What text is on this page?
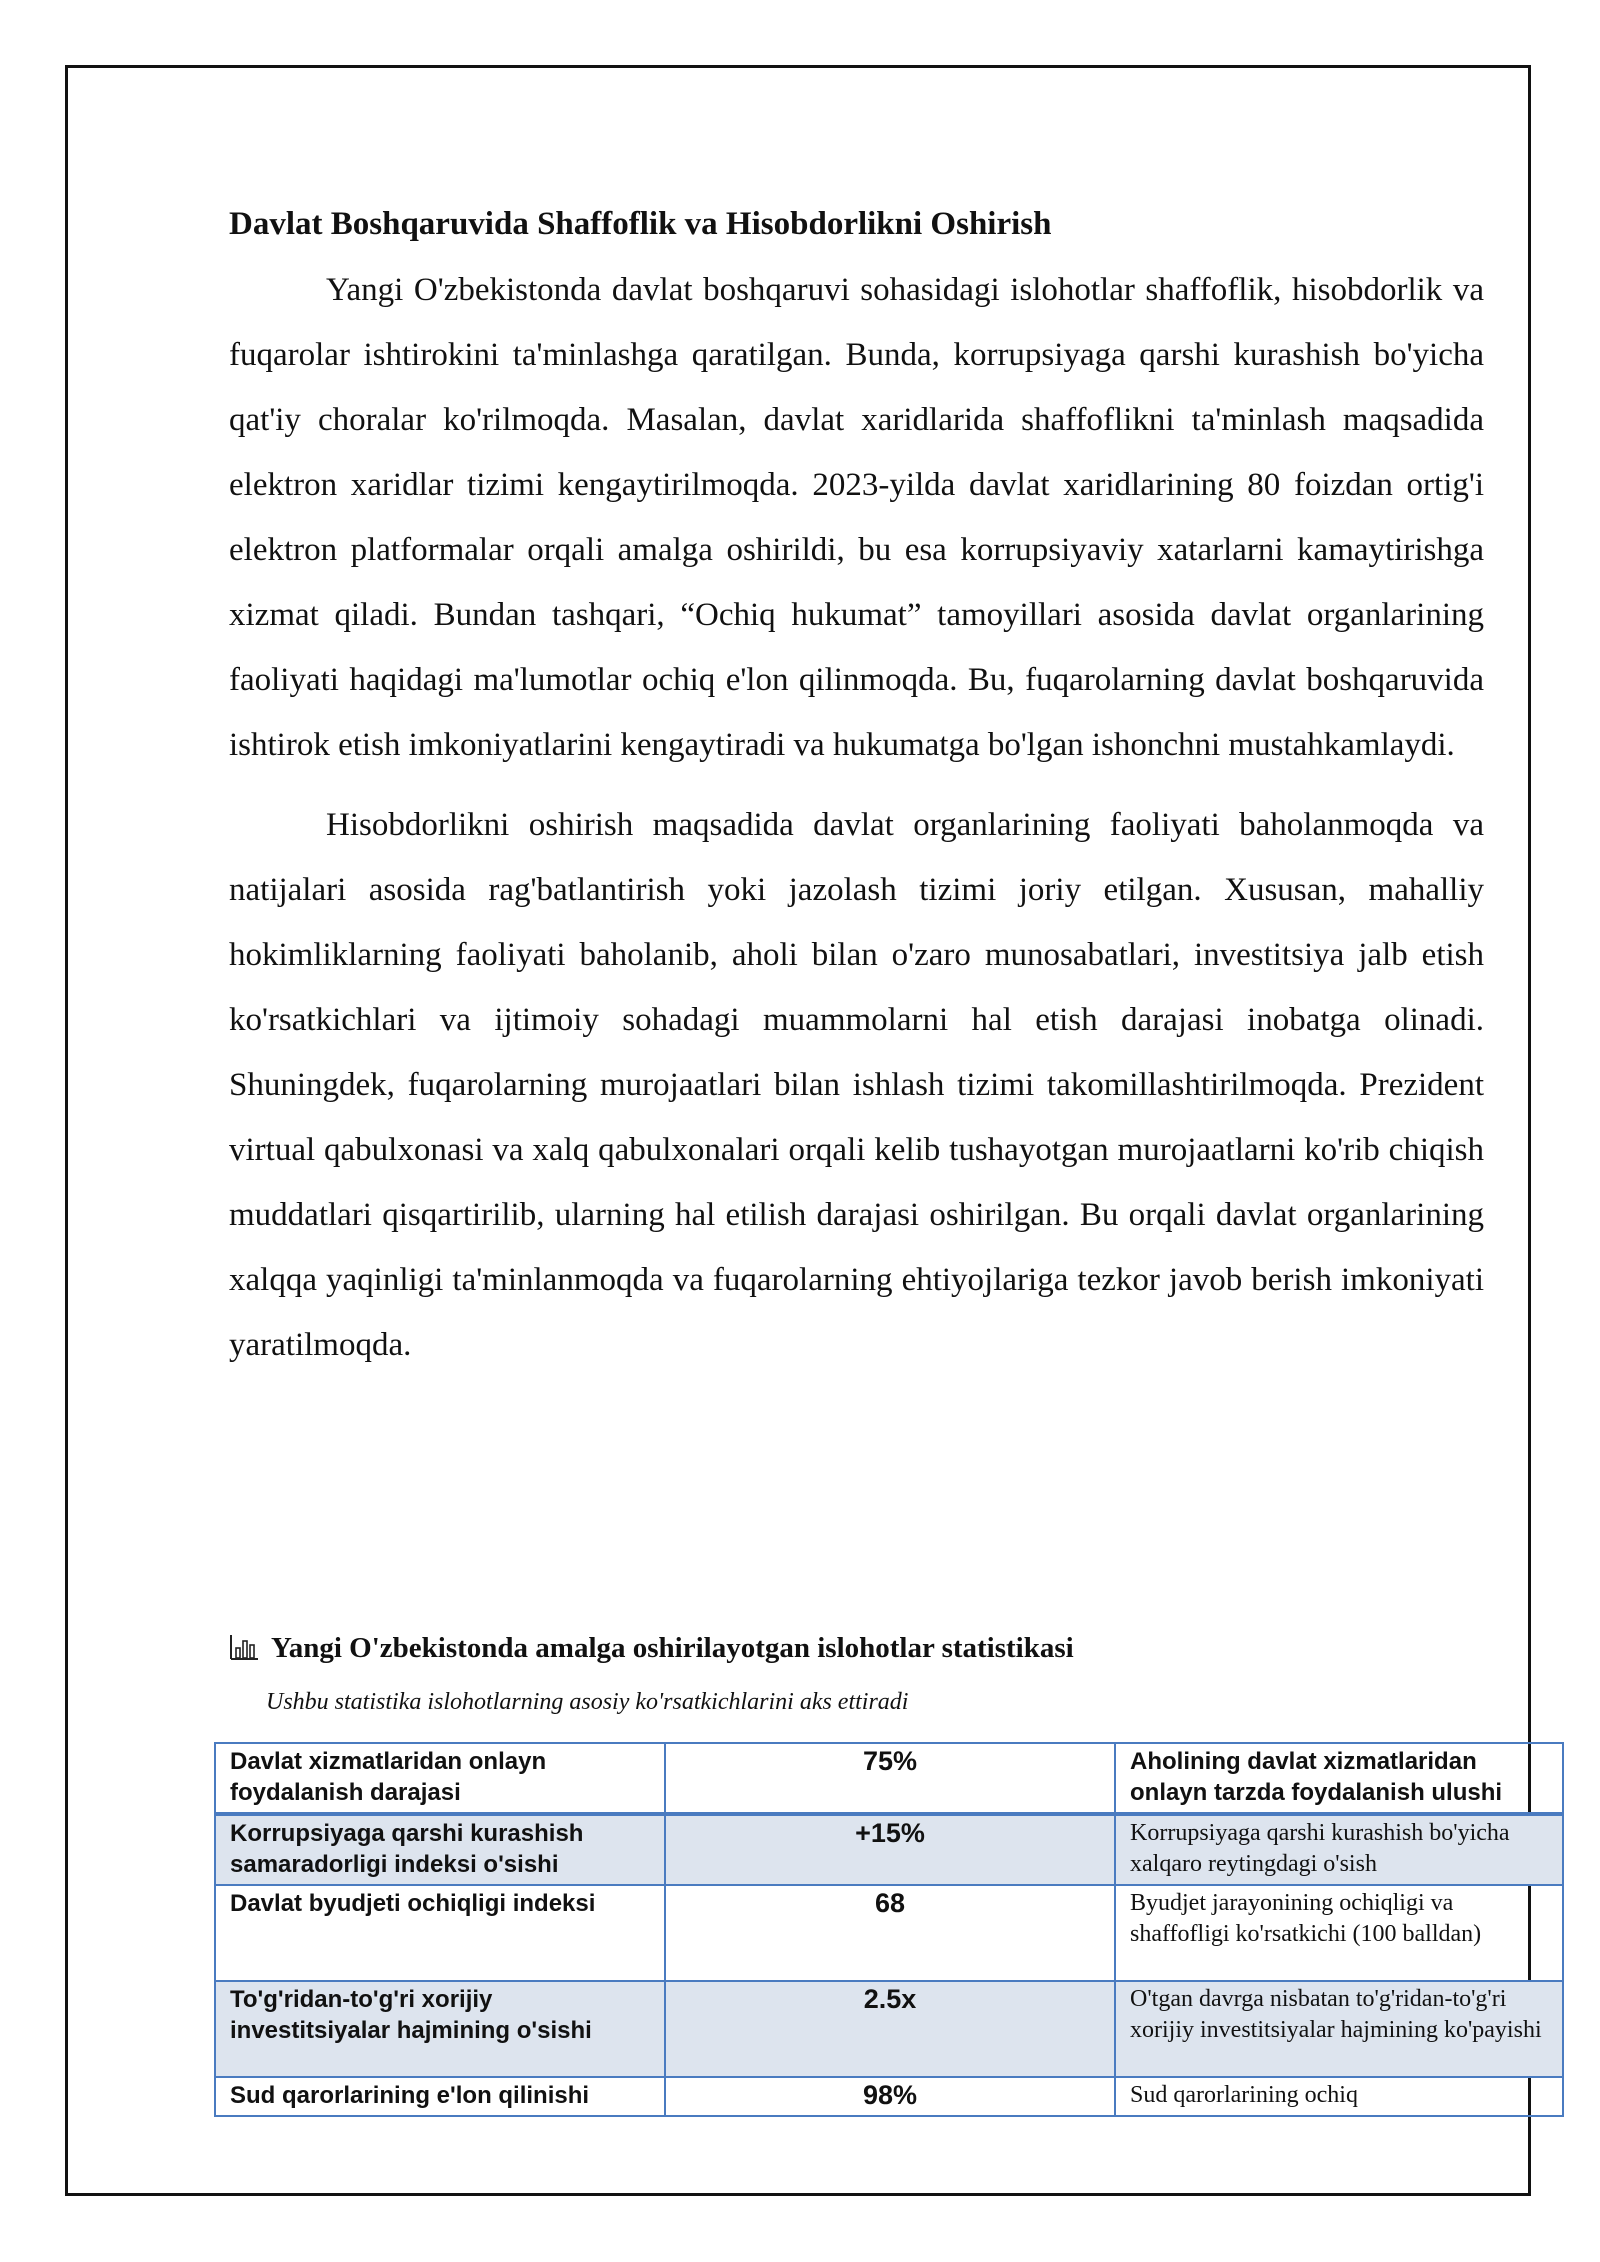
Davlat Boshqaruvida Shaffoflik va Hisobdorlikni Oshirish

Yangi O'zbekistonda davlat boshqaruvi sohasidagi islohotlar shaffoflik, hisobdorlik va fuqarolar ishtirokini ta'minlashga qaratilgan. Bunda, korrupsiyaga qarshi kurashish bo'yicha qat'iy choralar ko'rilmoqda. Masalan, davlat xaridlarida shaffoflikni ta'minlash maqsadida elektron xaridlar tizimi kengaytirilmoqda. 2023-yilda davlat xaridlarining 80 foizdan ortig'i elektron platformalar orqali amalga oshirildi, bu esa korrupsiyaviy xatarlarni kamaytirishga xizmat qiladi. Bundan tashqari, “Ochiq hukumat” tamoyillari asosida davlat organlarining faoliyati haqidagi ma'lumotlar ochiq e'lon qilinmoqda. Bu, fuqarolarning davlat boshqaruvida ishtirok etish imkoniyatlarini kengaytiradi va hukumatga bo'lgan ishonchni mustahkamlaydi.

Hisobdorlikni oshirish maqsadida davlat organlarining faoliyati baholanmoqda va natijalari asosida rag'batlantirish yoki jazolash tizimi joriy etilgan. Xususan, mahalliy hokimliklarning faoliyati baholanib, aholi bilan o'zaro munosabatlari, investitsiya jalb etish ko'rsatkichlari va ijtimoiy sohadagi muammolarni hal etish darajasi inobatga olinadi. Shuningdek, fuqarolarning murojaatlari bilan ishlash tizimi takomillashtirilmoqda. Prezident virtual qabulxonasi va xalq qabulxonalari orqali kelib tushayotgan murojaatlarni ko'rib chiqish muddatlari qisqartirilib, ularning hal etilish darajasi oshirilgan. Bu orqali davlat organlarining xalqqa yaqinligi ta'minlanmoqda va fuqarolarning ehtiyojlariga tezkor javob berish imkoniyati yaratilmoqda.

Yangi O'zbekistonda amalga oshirilayotgan islohotlar statistikasi
Ushbu statistika islohotlarning asosiy ko'rsatkichlarini aks ettiradi
Davlat xizmatlaridan onlayn foydalanish darajasi	75%	Aholining davlat xizmatlaridan onlayn tarzda foydalanish ulushi
Korrupsiyaga qarshi kurashish samaradorligi indeksi o'sishi	+15%	Korrupsiyaga qarshi kurashish bo'yicha xalqaro reytingdagi o'sish
Davlat byudjeti ochiqligi indeksi	68	Byudjet jarayonining ochiqligi va shaffofligi ko'rsatkichi (100 balldan)
To'g'ridan-to'g'ri xorijiy investitsiyalar hajmining o'sishi	2.5x	O'tgan davrga nisbatan to'g'ridan-to'g'ri xorijiy investitsiyalar hajmining ko'payishi
Sud qarorlarining e'lon qilinishi	98%	Sud qarorlarining ochiq
